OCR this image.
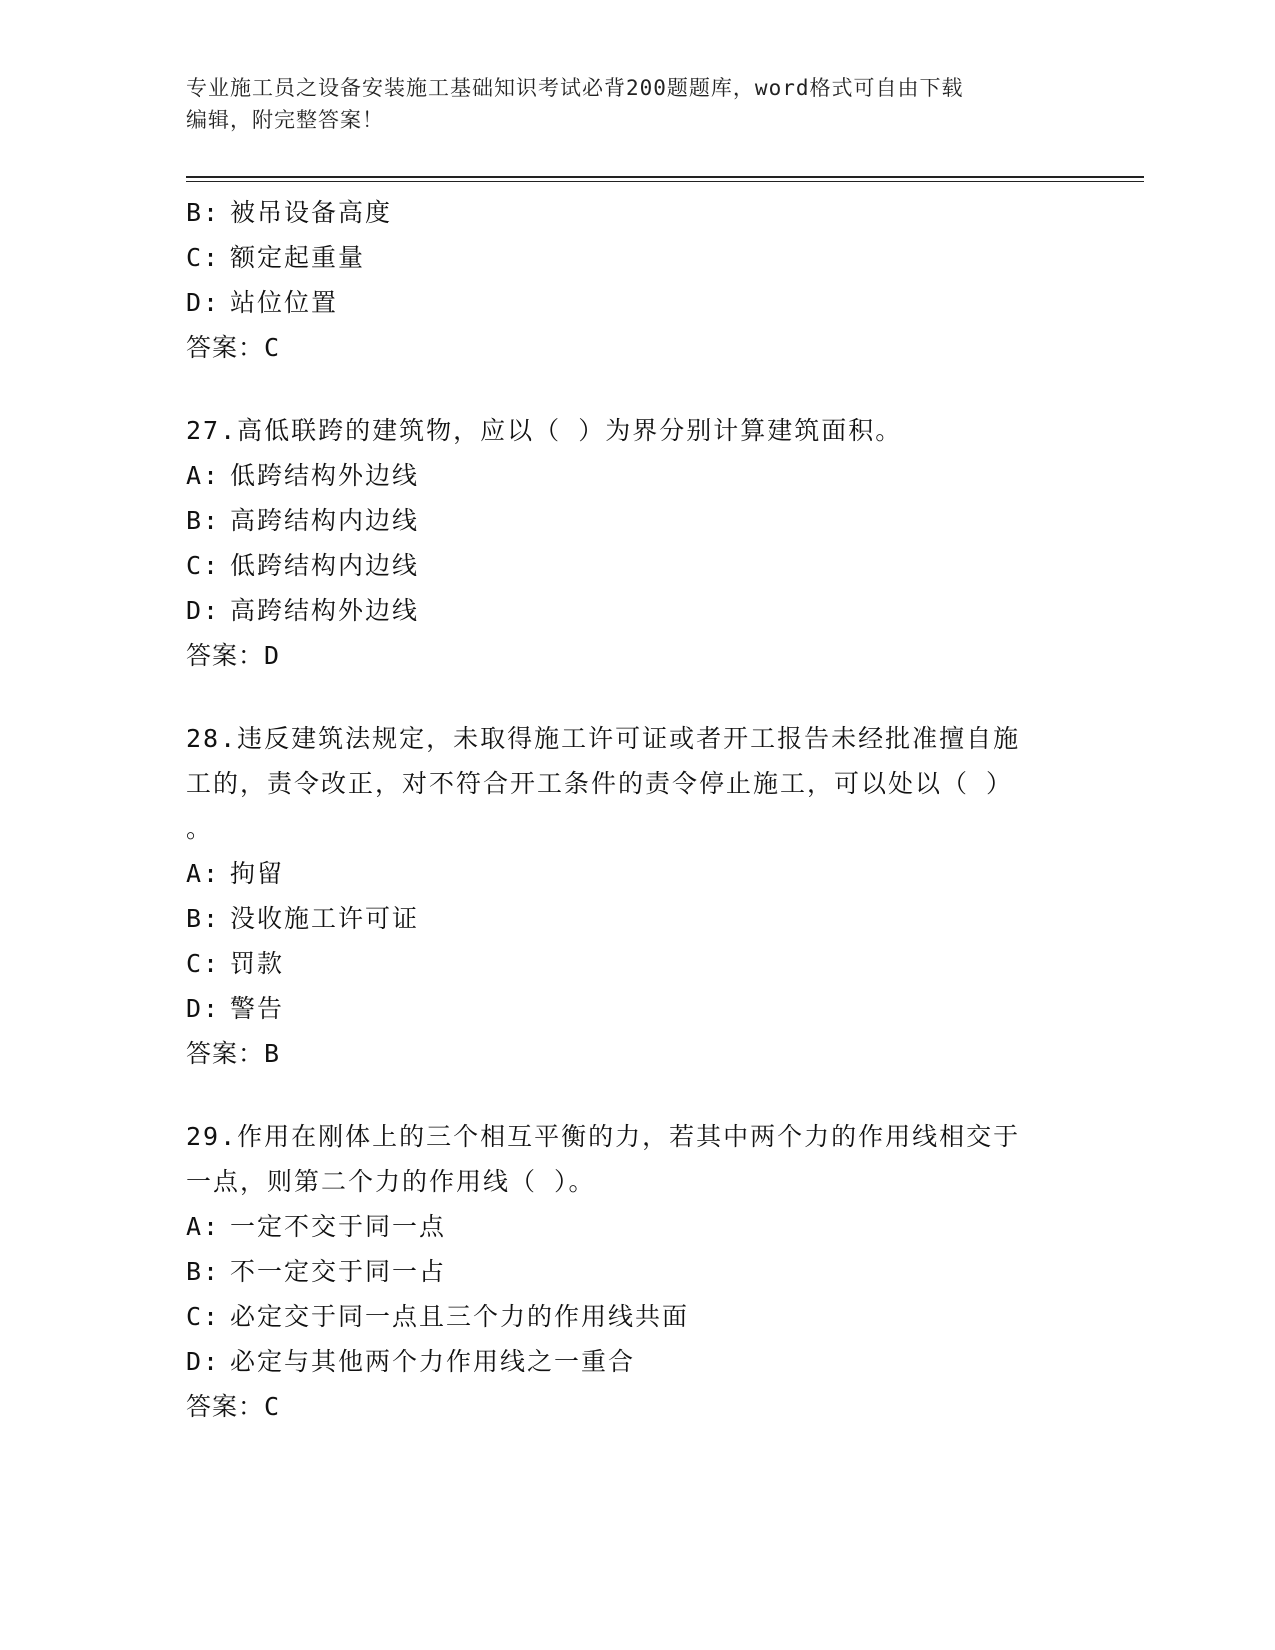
专业施工员之设备安装施工基础知识考试必背200题题库，word格式可自由下载
编辑，附完整答案！
B: 被吊设备高度
C: 额定起重量
D: 站位位置
答案：C
27.高低联跨的建筑物，应以（ ）为界分别计算建筑面积。
A: 低跨结构外边线
B: 高跨结构内边线
C: 低跨结构内边线
D: 高跨结构外边线
答案：D
28.违反建筑法规定，未取得施工许可证或者开工报告未经批准擅自施
工的，责令改正，对不符合开工条件的责令停止施工，可以处以（ ）
。
A: 拘留
B: 没收施工许可证
C: 罚款
D: 警告
答案：B
29.作用在刚体上的三个相互平衡的力，若其中两个力的作用线相交于
一点，则第二个力的作用线（ ）。
A: 一定不交于同一点
B: 不一定交于同一占
C: 必定交于同一点且三个力的作用线共面
D: 必定与其他两个力作用线之一重合
答案：C
